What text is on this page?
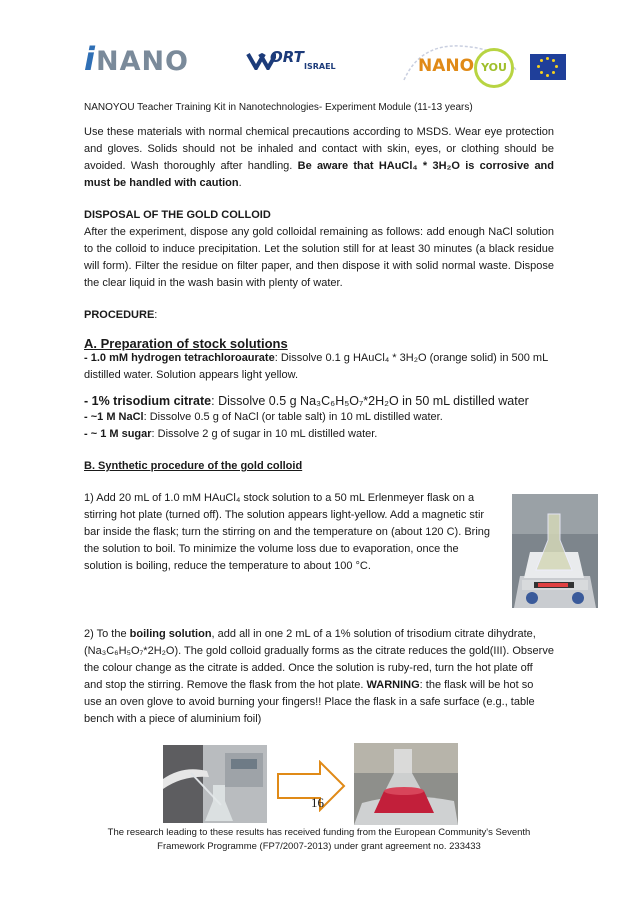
iNANO	ORT
ISRAEL	NANO YOU
NANOYOU Teacher Training Kit in Nanotechnologies- Experiment Module (11-13 years)

Use these materials with normal chemical precautions according to MSDS. Wear eye protection and gloves. Solids should not be inhaled and contact with skin, eyes, or clothing should be avoided. Wash thoroughly after handling. Be aware that HAuCl₄ * 3H₂O is corrosive and must be handled with caution.

DISPOSAL OF THE GOLD COLLOID

After the experiment, dispose any gold colloidal remaining as follows: add enough NaCl solution to the colloid to induce precipitation. Let the solution still for at least 30 minutes (a black residue will form). Filter the residue on filter paper, and then dispose it with solid normal waste. Dispose the clear liquid in the wash basin with plenty of water.

PROCEDURE:
A. Preparation of stock solutions

- 1.0 mM hydrogen tetrachloroaurate: Dissolve 0.1 g HAuCl₄ * 3H₂O (orange solid) in 500 mL distilled water. Solution appears light yellow.

- 1% trisodium citrate: Dissolve 0.5 g Na₃C₆H₅O₇*2H₂O in 50 mL distilled water

- ~1 M NaCl: Dissolve 0.5 g of NaCl (or table salt) in 10 mL distilled water.

- ~ 1 M sugar: Dissolve 2 g of sugar in 10 mL distilled water.

B. Synthetic procedure of the gold colloid

1) Add 20 mL of 1.0 mM HAuCl₄ stock solution to a 50 mL Erlenmeyer flask on a stirring hot plate (turned off). The solution appears light-yellow. Add a magnetic stir bar inside the flask; turn the stirring on and the temperature on (about 120 C). Bring the solution to boil. To minimize the volume loss due to evaporation, once the solution is boiling, reduce the temperature to about 100 °C.

2) To the boiling solution, add all in one 2 mL of a 1% solution of trisodium citrate dihydrate, (Na₃C₆H₅O₇*2H₂O). The gold colloid gradually forms as the citrate reduces the gold(III). Observe the colour change as the citrate is added. Once the solution is ruby-red, turn the hot plate off and stop the stirring. Remove the flask from the hot plate. WARNING: the flask will be hot so use an oven glove to avoid burning your fingers!! Place the flask in a safe surface (e.g., table bench with a piece of aluminium foil)

16
The research leading to these results has received funding from the European Community's Seventh Framework Programme (FP7/2007-2013) under grant agreement no. 233433
